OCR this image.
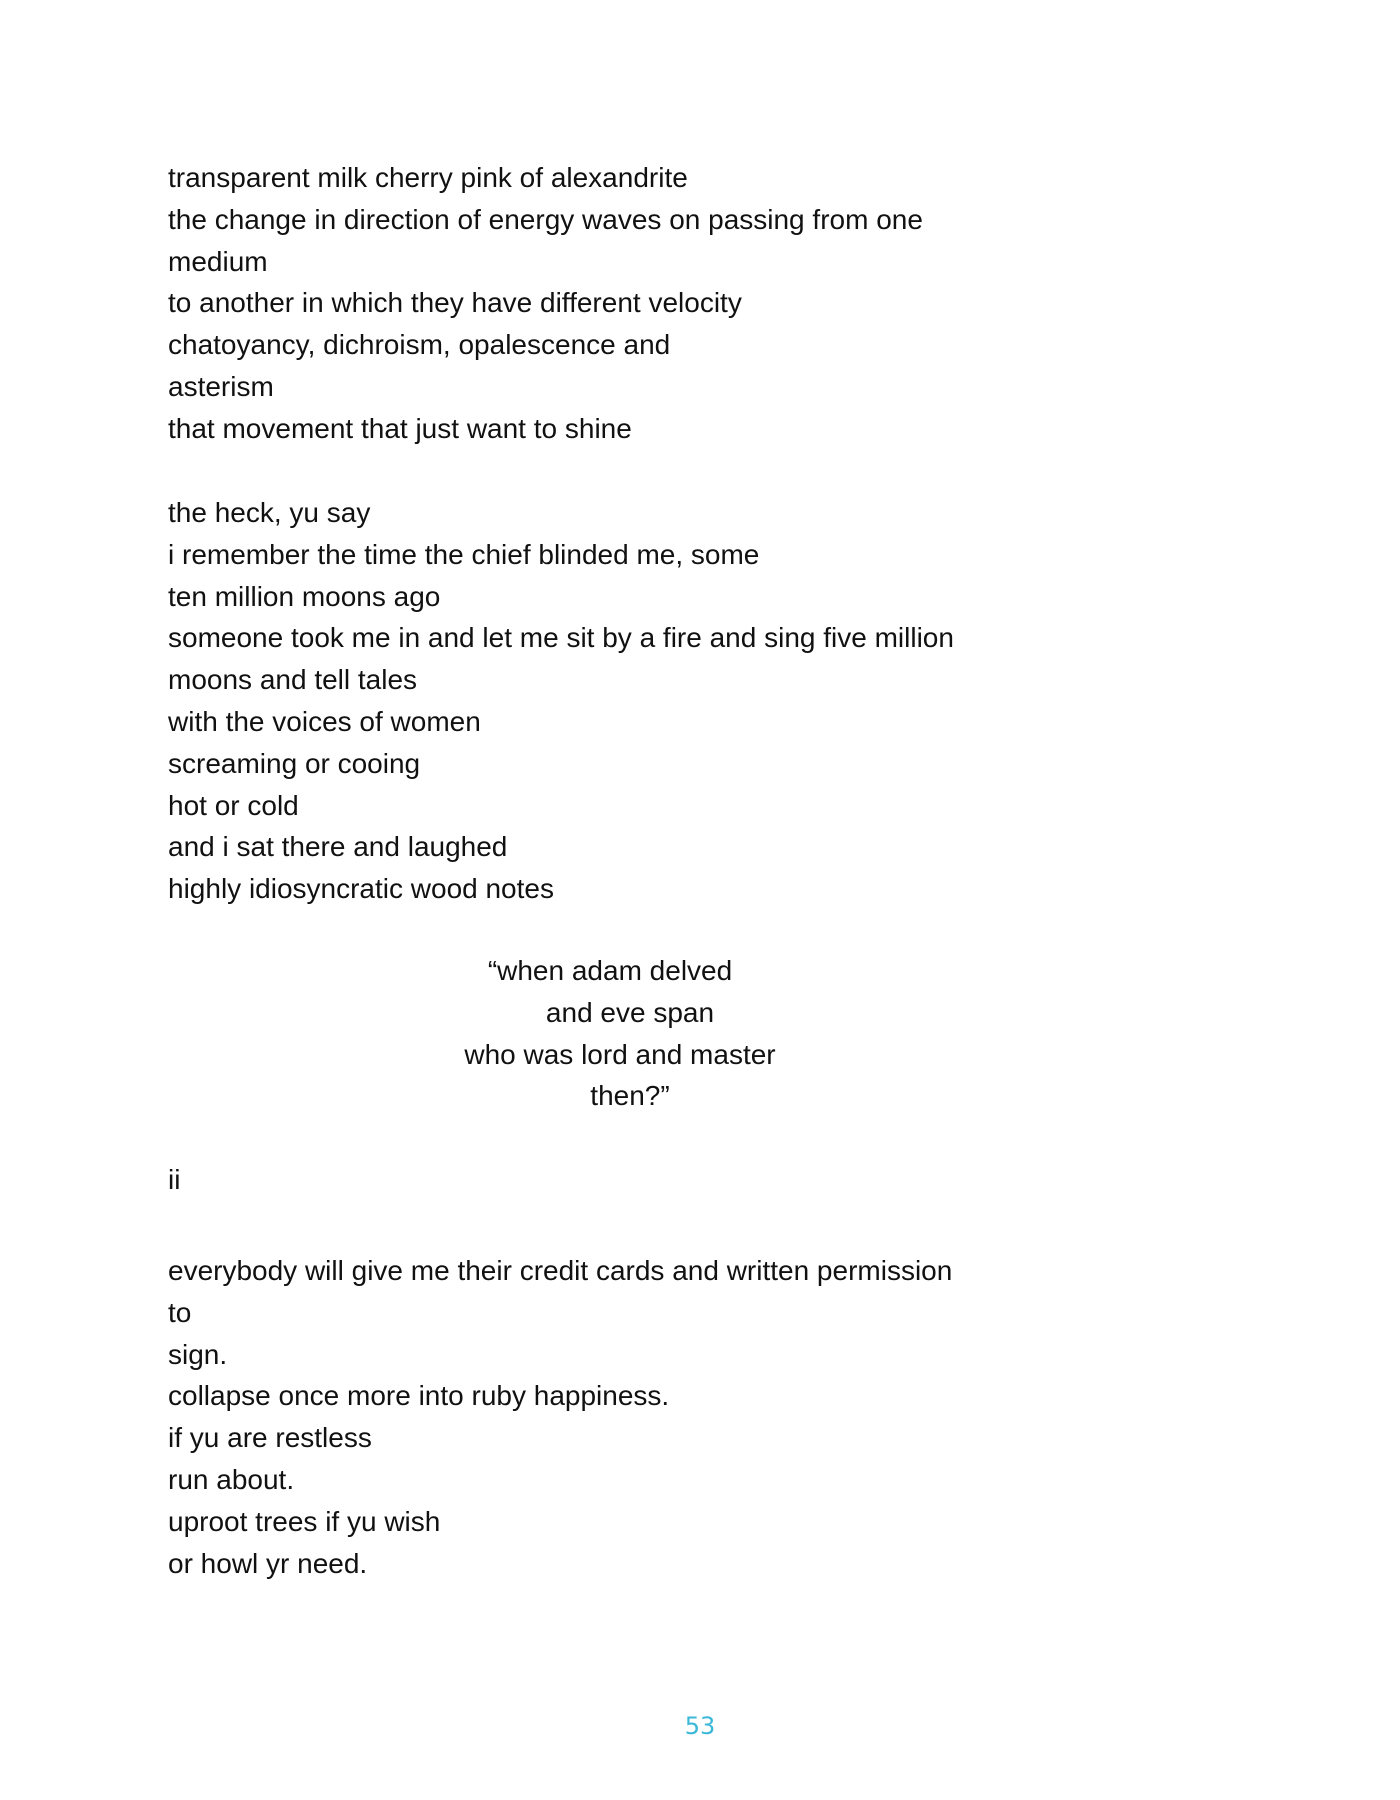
transparent milk cherry pink of alexandrite
the change in direction of energy waves on passing from one
medium
to another in which they have different velocity
chatoyancy, dichroism, opalescence and
asterism
that movement that just want to shine
the heck, yu say
i remember the time the chief blinded me, some
ten million moons ago
someone took me in and let me sit by a fire and sing five million
moons and tell tales
with the voices of women
screaming or cooing
hot or cold
and i sat there and laughed
highly idiosyncratic wood notes
“when adam delved
and eve span
who was lord and master
then?”
ii
everybody will give me their credit cards and written permission
to
sign.
collapse once more into ruby happiness.
if yu are restless
run about.
uproot trees if yu wish
or howl yr need.
53
